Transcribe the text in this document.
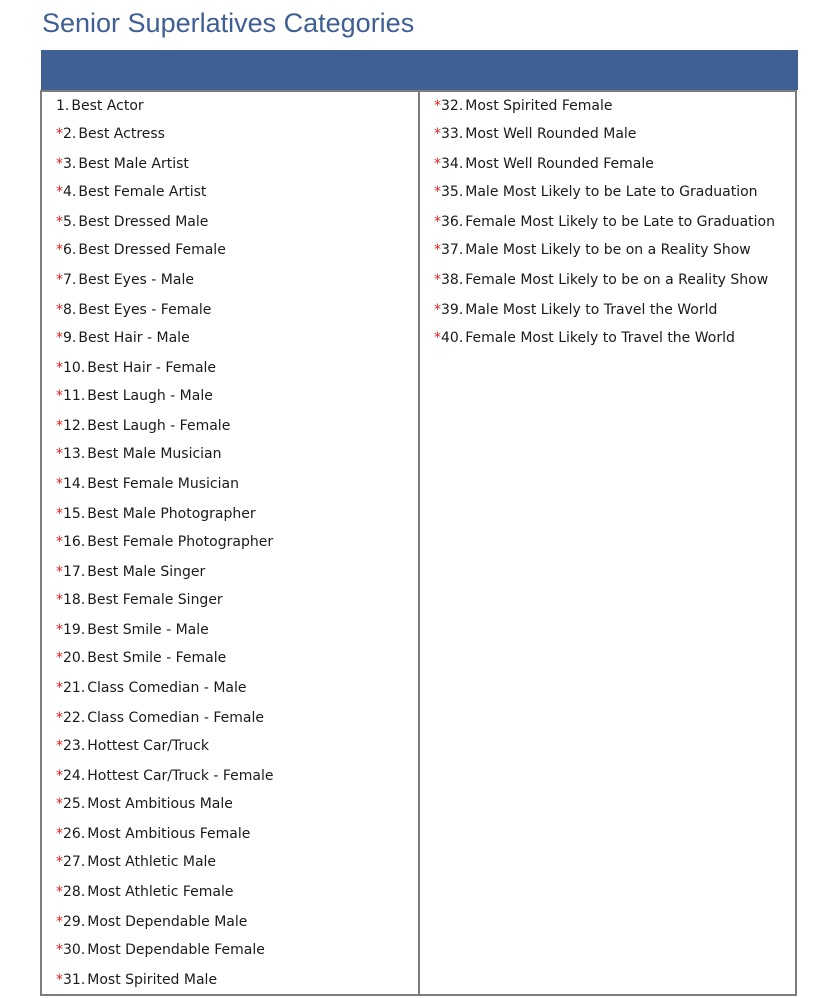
Senior Superlatives Categories
1. Best Actor
*2. Best Actress
*3. Best Male Artist
*4. Best Female Artist
*5. Best Dressed Male
*6. Best Dressed Female
*7. Best Eyes - Male
*8. Best Eyes - Female
*9. Best Hair - Male
*10. Best Hair - Female
*11. Best Laugh - Male
*12. Best Laugh - Female
*13. Best Male Musician
*14. Best Female Musician
*15. Best Male Photographer
*16. Best Female Photographer
*17. Best Male Singer
*18. Best Female Singer
*19. Best Smile - Male
*20. Best Smile - Female
*21. Class Comedian - Male
*22. Class Comedian - Female
*23. Hottest Car/Truck
*24. Hottest Car/Truck - Female
*25. Most Ambitious Male
*26. Most Ambitious Female
*27. Most Athletic Male
*28. Most Athletic Female
*29. Most Dependable Male
*30. Most Dependable Female
*31. Most Spirited Male
*32. Most Spirited Female
*33. Most Well Rounded Male
*34. Most Well Rounded Female
*35. Male Most Likely to be Late to Graduation
*36. Female Most Likely to be Late to Graduation
*37. Male Most Likely to be on a Reality Show
*38. Female Most Likely to be on a Reality Show
*39. Male Most Likely to Travel the World
*40. Female Most Likely to Travel the World
